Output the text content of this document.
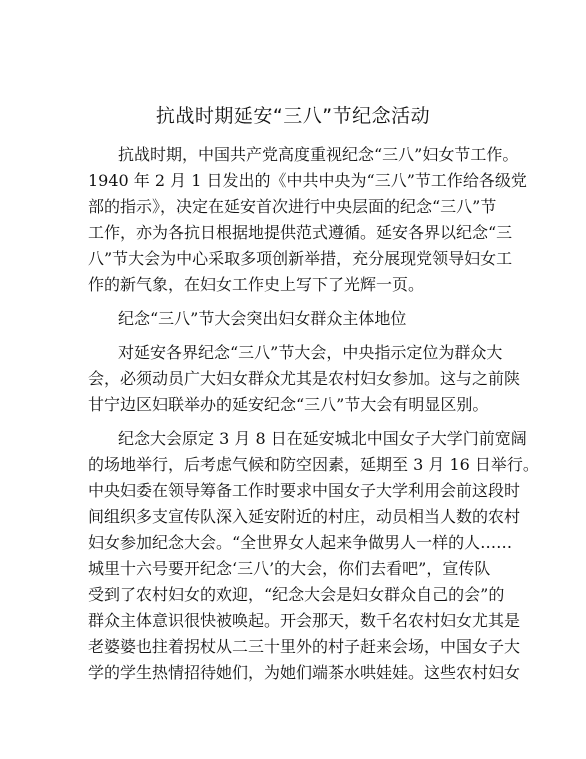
抗战时期延安“三八”节纪念活动
抗战时期，中国共产党高度重视纪念“三八”妇女节工作。
1940 年 2 月 1 日发出的《中共中央为“三八”节工作给各级党
部的指示》，决定在延安首次进行中央层面的纪念“三八”节
工作，亦为各抗日根据地提供范式遵循。延安各界以纪念“三
八”节大会为中心采取多项创新举措，充分展现党领导妇女工
作的新气象，在妇女工作史上写下了光辉一页。
纪念“三八”节大会突出妇女群众主体地位
对延安各界纪念“三八”节大会，中央指示定位为群众大
会，必须动员广大妇女群众尤其是农村妇女参加。这与之前陕
甘宁边区妇联举办的延安纪念“三八”节大会有明显区别。
纪念大会原定 3 月 8 日在延安城北中国女子大学门前宽阔
的场地举行，后考虑气候和防空因素，延期至 3 月 16 日举行。
中央妇委在领导筹备工作时要求中国女子大学利用会前这段时
间组织多支宣传队深入延安附近的村庄，动员相当人数的农村
妇女参加纪念大会。“全世界女人起来争做男人一样的人……
城里十六号要开纪念‘三八’的大会，你们去看吧”，宣传队
受到了农村妇女的欢迎，“纪念大会是妇女群众自己的会”的
群众主体意识很快被唤起。开会那天，数千名农村妇女尤其是
老婆婆也拄着拐杖从二三十里外的村子赶来会场，中国女子大
学的学生热情招待她们，为她们端茶水哄娃娃。这些农村妇女
